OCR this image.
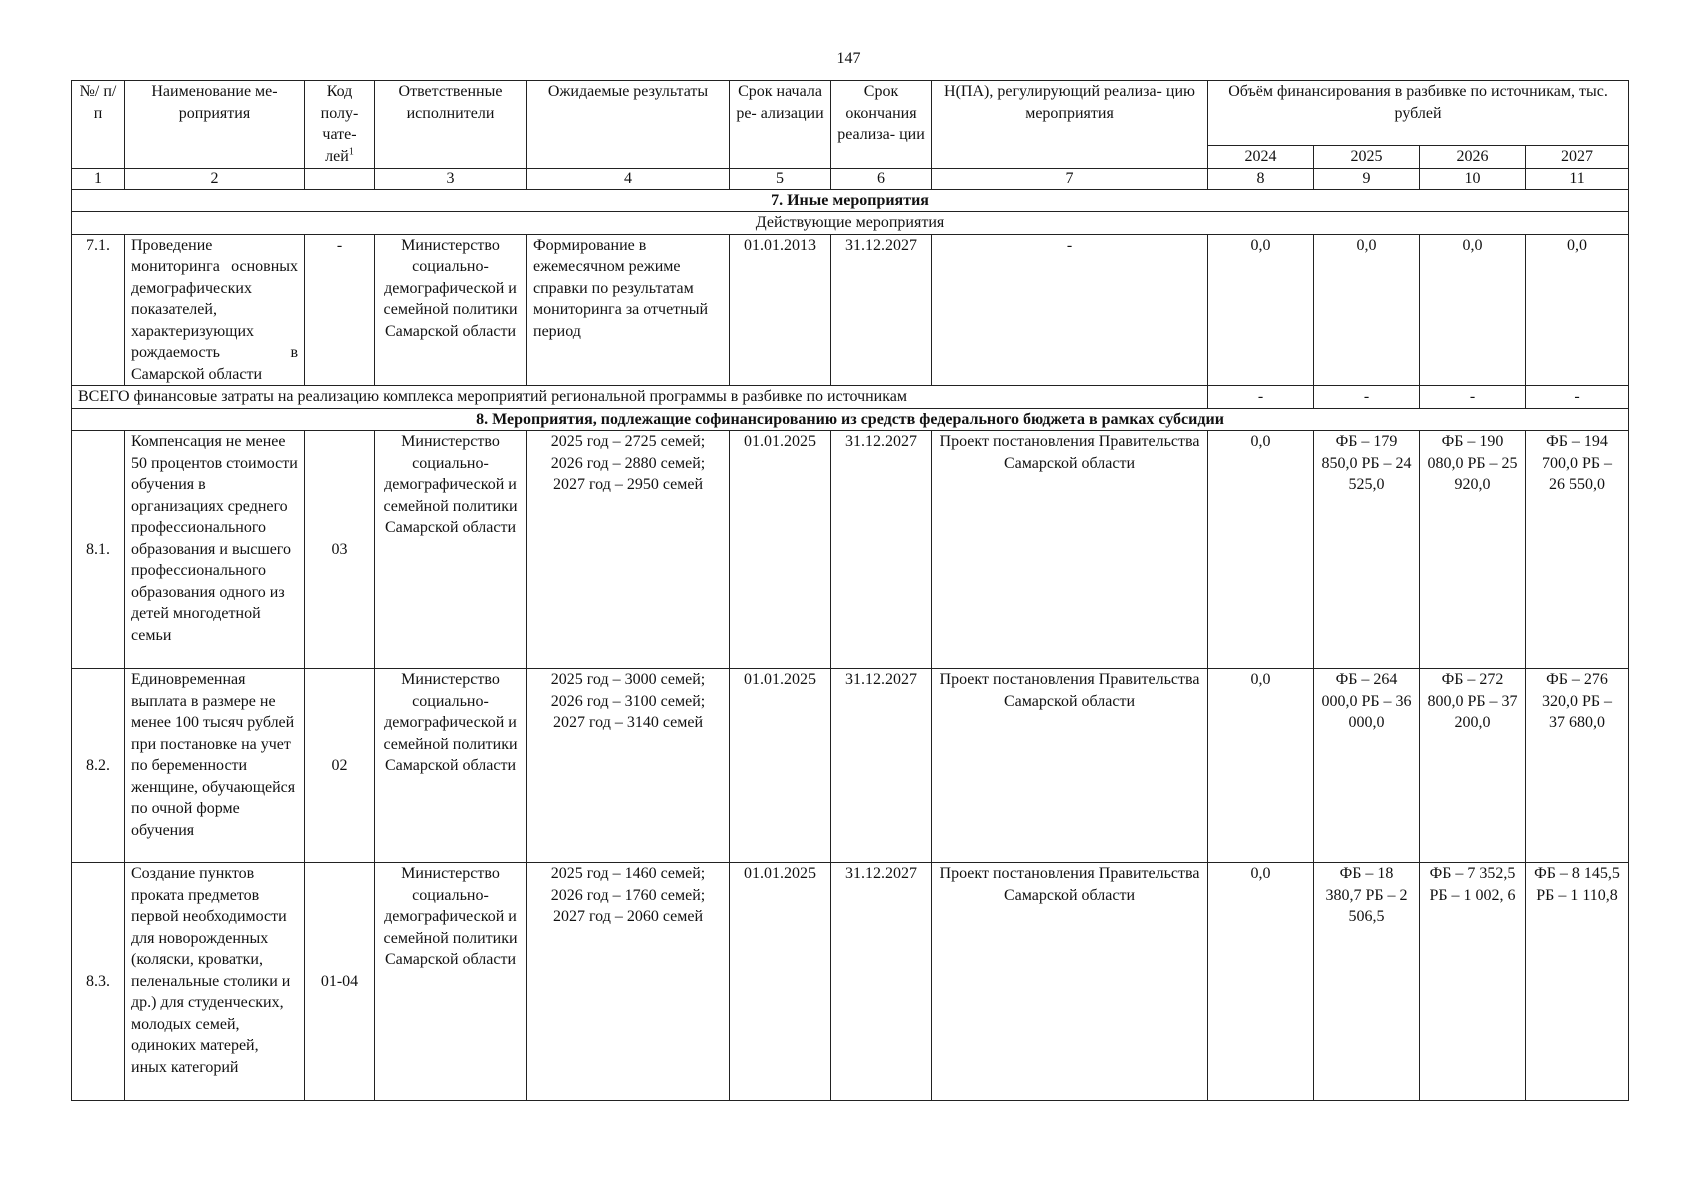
147
№/ п/п	Наименование ме- роприятия	Код полу- чате- лей$^1$	Ответственные исполнители	Ожидаемые результаты	Срок начала ре- ализации	Срок окончания реализа- ции	Н(ПА), регулирующий реализа- цию мероприятия	Объём финансирования в разбивке по источникам, тыс. рублей			
								2024	2025	2026	2027
1	2		3	4	5	6	7	8	9	10	11
7. Иные мероприятия											
Действующие мероприятия											
7.1.	Проведение мониторинга основных демографических показателей, характеризующих рождаемость в Самарской области	-	Министерство социально-демографической и семейной политики Самарской области	Формирование в ежемесячном режиме справки по результатам мониторинга за отчетный период	01.01.2013	31.12.2027	-	0,0	0,0	0,0	0,0
ВСЕГО финансовые затраты на реализацию комплекса мероприятий региональной программы в разбивке по источникам								-	-	-	-
8. Мероприятия, подлежащие софинансированию из средств федерального бюджета в рамках субсидии											
8.1.	Компенсация не менее 50 процентов стоимости обучения в организациях среднего профессионального образования и высшего профессионального образования одного из детей многодетной семьи	03	Министерство социально-демографической и семейной политики Самарской области	2025 год – 2725 семей; 2026 год – 2880 семей; 2027 год – 2950 семей	01.01.2025	31.12.2027	Проект постановления Правительства Самарской области	0,0	ФБ – 179 850,0 РБ – 24 525,0	ФБ – 190 080,0 РБ – 25 920,0	ФБ – 194 700,0 РБ – 26 550,0
8.2.	Единовременная выплата в размере не менее 100 тысяч рублей при постановке на учет по беременности женщине, обучающейся по очной форме обучения	02	Министерство социально-демографической и семейной политики Самарской области	2025 год – 3000 семей; 2026 год – 3100 семей; 2027 год – 3140 семей	01.01.2025	31.12.2027	Проект постановления Правительства Самарской области	0,0	ФБ – 264 000,0 РБ – 36 000,0	ФБ – 272 800,0 РБ – 37 200,0	ФБ – 276 320,0 РБ – 37 680,0
8.3.	Создание пунктов проката предметов первой необходимости для новорожденных (коляски, кроватки, пеленальные столики и др.) для студенческих, молодых семей, одиноких матерей, иных категорий	01-04	Министерство социально-демографической и семейной политики Самарской области	2025 год – 1460 семей; 2026 год – 1760 семей; 2027 год – 2060 семей	01.01.2025	31.12.2027	Проект постановления Правительства Самарской области	0,0	ФБ – 18 380,7 РБ – 2 506,5	ФБ – 7 352,5 РБ – 1 002, 6	ФБ – 8 145,5 РБ – 1 110,8
